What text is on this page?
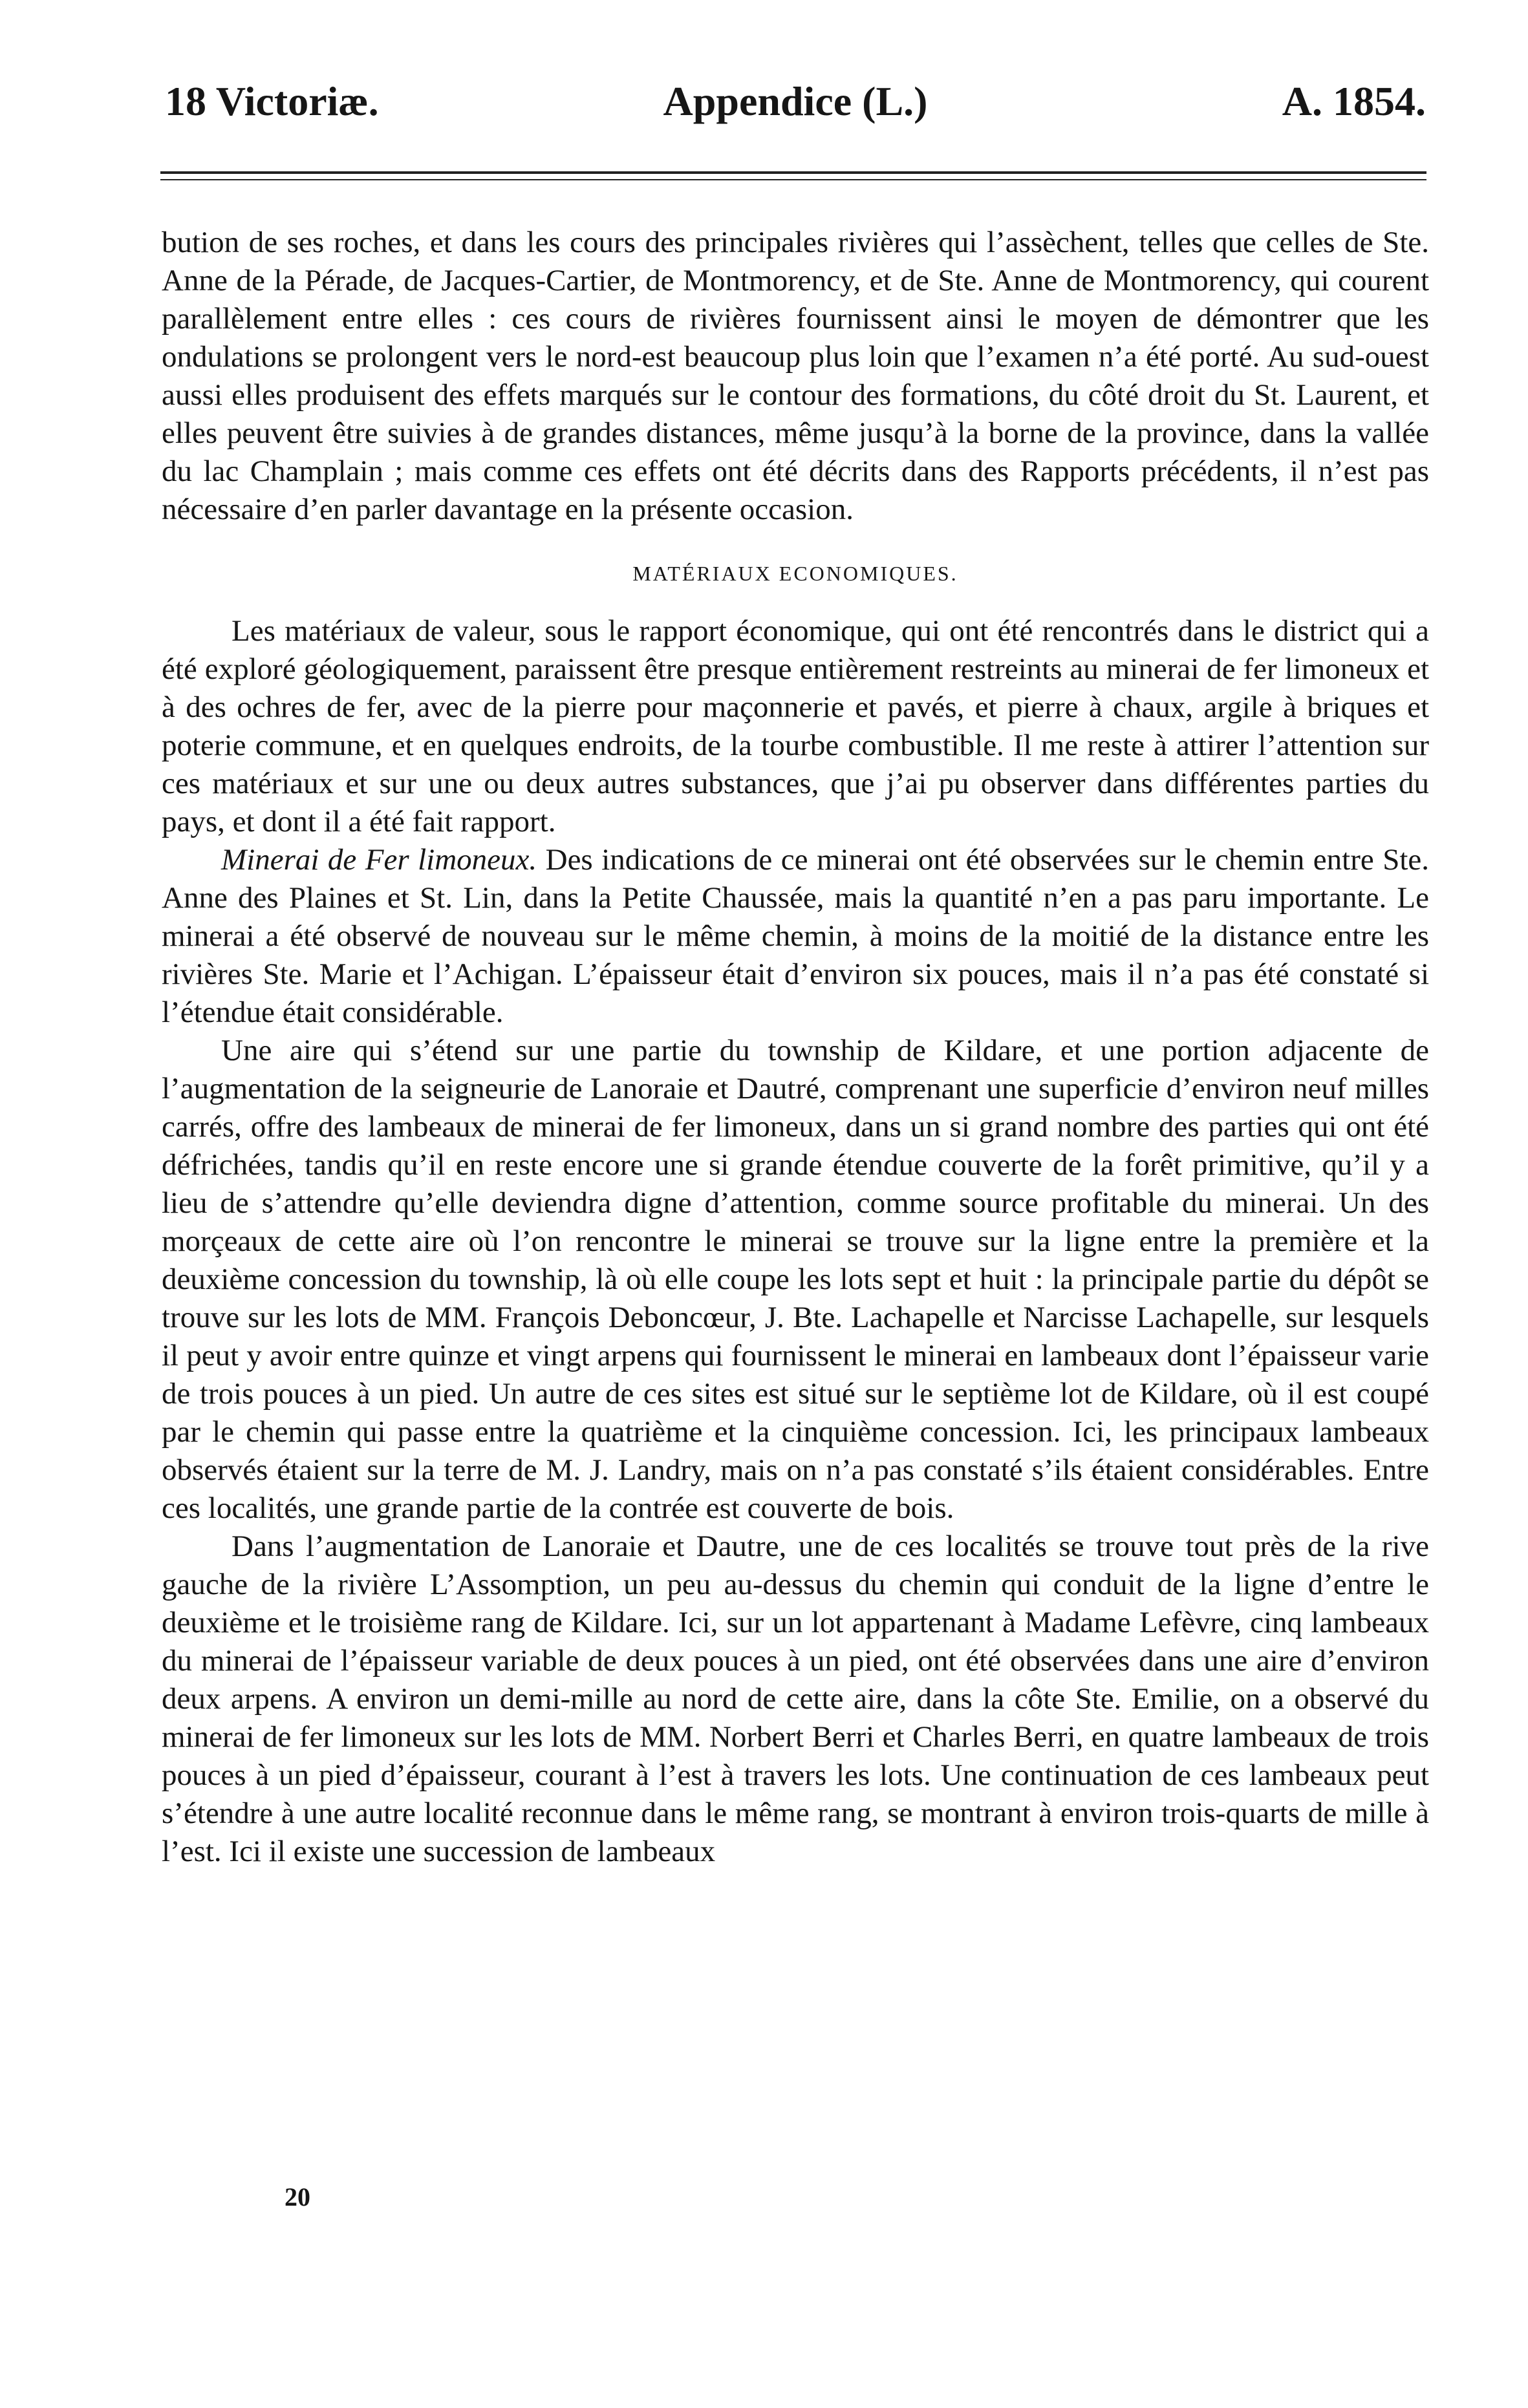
18 Victoriæ.	Appendice (L.)	A. 1854.

bution de ses roches, et dans les cours des principales rivières qui l’assèchent, telles que celles de Ste. Anne de la Pérade, de Jacques-Cartier, de Montmorency, et de Ste. Anne de Montmorency, qui courent parallèlement entre elles : ces cours de rivières fournissent ainsi le moyen de démontrer que les ondulations se prolongent vers le nord-est beaucoup plus loin que l’examen n’a été porté. Au sud-ouest aussi elles produisent des effets marqués sur le contour des formations, du côté droit du St. Laurent, et elles peuvent être suivies à de grandes distances, même jusqu’à la borne de la province, dans la vallée du lac Champlain ; mais comme ces effets ont été décrits dans des Rapports précédents, il n’est pas nécessaire d’en parler davantage en la présente occasion.

MATÉRIAUX ECONOMIQUES.

Les matériaux de valeur, sous le rapport économique, qui ont été rencontrés dans le district qui a été exploré géologiquement, paraissent être presque entièrement restreints au minerai de fer limoneux et à des ochres de fer, avec de la pierre pour maçonnerie et pavés, et pierre à chaux, argile à briques et poterie commune, et en quelques endroits, de la tourbe combustible. Il me reste à attirer l’attention sur ces matériaux et sur une ou deux autres substances, que j’ai pu observer dans différentes parties du pays, et dont il a été fait rapport.

Minerai de Fer limoneux. Des indications de ce minerai ont été observées sur le chemin entre Ste. Anne des Plaines et St. Lin, dans la Petite Chaussée, mais la quantité n’en a pas paru importante. Le minerai a été observé de nouveau sur le même chemin, à moins de la moitié de la distance entre les rivières Ste. Marie et l’Achigan. L’épaisseur était d’environ six pouces, mais il n’a pas été constaté si l’étendue était considérable.

Une aire qui s’étend sur une partie du township de Kildare, et une portion adjacente de l’augmentation de la seigneurie de Lanoraie et Dautré, comprenant une superficie d’environ neuf milles carrés, offre des lambeaux de minerai de fer limoneux, dans un si grand nombre des parties qui ont été défrichées, tandis qu’il en reste encore une si grande étendue couverte de la forêt primitive, qu’il y a lieu de s’attendre qu’elle deviendra digne d’attention, comme source profitable du minerai. Un des morçeaux de cette aire où l’on rencontre le minerai se trouve sur la ligne entre la première et la deuxième concession du township, là où elle coupe les lots sept et huit : la principale partie du dépôt se trouve sur les lots de MM. François Deboncœur, J. Bte. Lachapelle et Narcisse Lachapelle, sur lesquels il peut y avoir entre quinze et vingt arpens qui fournissent le minerai en lambeaux dont l’épaisseur varie de trois pouces à un pied. Un autre de ces sites est situé sur le septième lot de Kildare, où il est coupé par le chemin qui passe entre la quatrième et la cinquième concession. Ici, les principaux lambeaux observés étaient sur la terre de M. J. Landry, mais on n’a pas constaté s’ils étaient considérables. Entre ces localités, une grande partie de la contrée est couverte de bois.

Dans l’augmentation de Lanoraie et Dautre, une de ces localités se trouve tout près de la rive gauche de la rivière L’Assomption, un peu au-dessus du chemin qui conduit de la ligne d’entre le deuxième et le troisième rang de Kildare. Ici, sur un lot appartenant à Madame Lefèvre, cinq lambeaux du minerai de l’épaisseur variable de deux pouces à un pied, ont été observées dans une aire d’environ deux arpens. A environ un demi-mille au nord de cette aire, dans la côte Ste. Emilie, on a observé du minerai de fer limoneux sur les lots de MM. Norbert Berri et Charles Berri, en quatre lambeaux de trois pouces à un pied d’épaisseur, courant à l’est à travers les lots. Une continuation de ces lambeaux peut s’étendre à une autre localité reconnue dans le même rang, se montrant à environ trois-quarts de mille à l’est. Ici il existe une succession de lambeaux

20
